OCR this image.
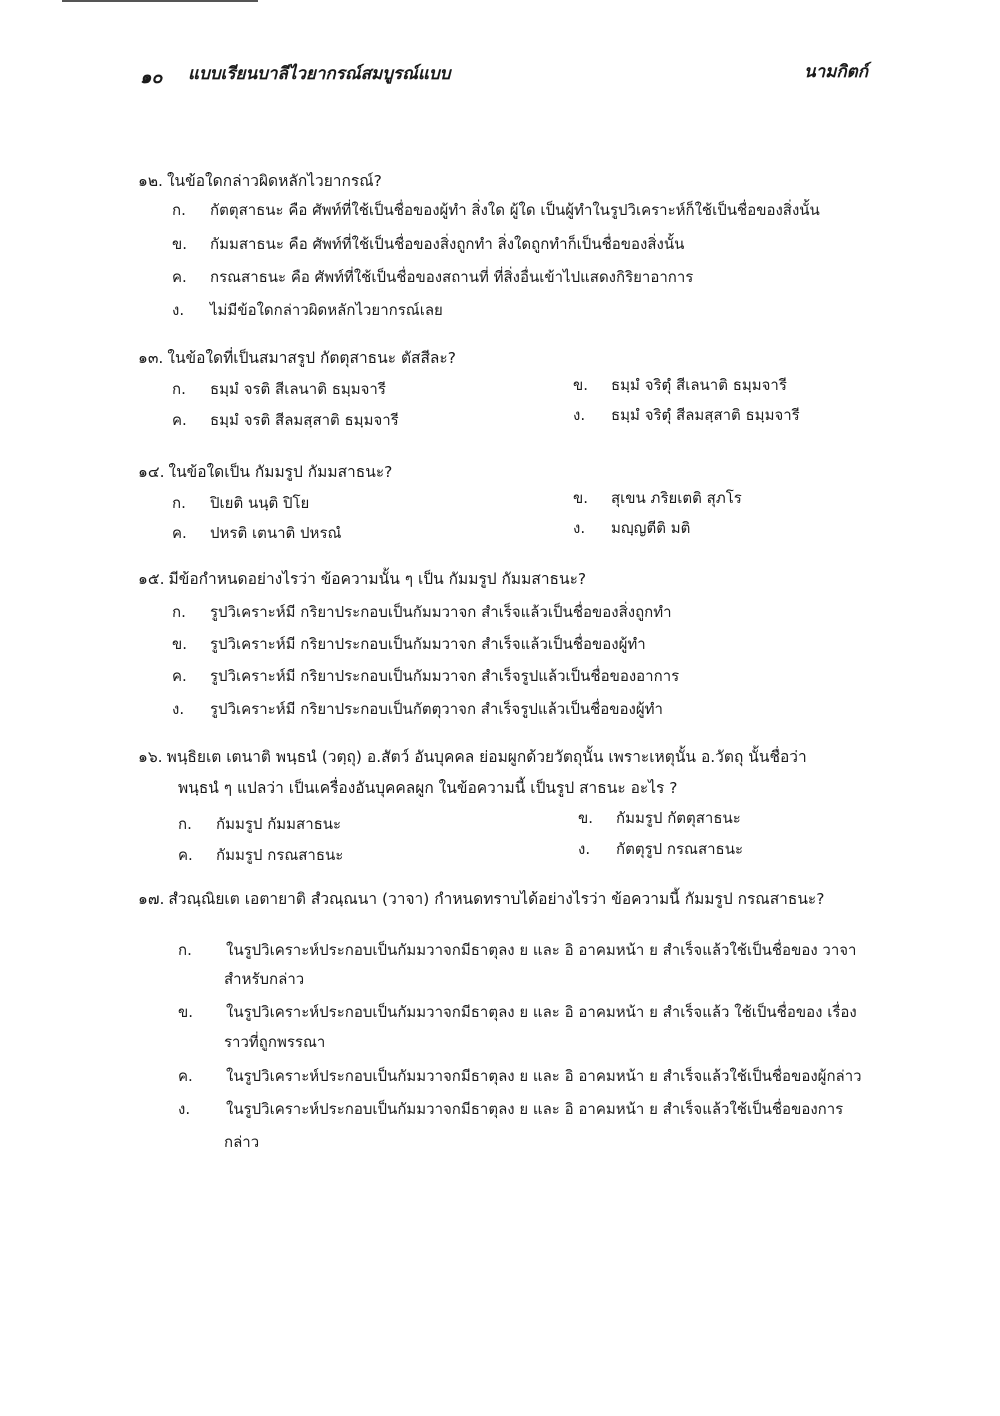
๑๐ แบบเรียนบาลีไวยากรณ์สมบูรณ์แบบ	นามกิตก์
๑๒. ในข้อใดกล่าวผิดหลักไวยากรณ์?
ก. กัตตุสาธนะ คือ ศัพท์ที่ใช้เป็นชื่อของผู้ทำ สิ่งใด ผู้ใด เป็นผู้ทำในรูปวิเคราะห์ก็ใช้เป็นชื่อของสิ่งนั้น
ข. กัมมสาธนะ คือ ศัพท์ที่ใช้เป็นชื่อของสิ่งถูกทำ สิ่งใดถูกทำก็เป็นชื่อของสิ่งนั้น
ค. กรณสาธนะ คือ ศัพท์ที่ใช้เป็นชื่อของสถานที่ ที่สิ่งอื่นเข้าไปแสดงกิริยาอาการ
ง. ไม่มีข้อใดกล่าวผิดหลักไวยากรณ์เลย
๑๓. ในข้อใดที่เป็นสมาสรูป กัตตุสาธนะ ตัสสีละ?
ก. ธมฺมํ จรติ สีเลนาติ ธมฺมจารี	ข. ธมฺมํ จริตุํ สีเลนาติ ธมฺมจารี
ค. ธมฺมํ จรติ สีลมสฺสาติ ธมฺมจารี	ง. ธมฺมํ จริตุํ สีลมสฺสาติ ธมฺมจารี
๑๔. ในข้อใดเป็น กัมมรูป กัมมสาธนะ?
ก. ปิเยติ นนฺติ ปิโย	ข. สุเขน ภริยเตติ สุภโร
ค. ปหรติ เตนาติ ปหรณํ	ง. มญฺญตีติ มติ
๑๕. มีข้อกำหนดอย่างไรว่า ข้อความนั้น ๆ เป็น กัมมรูป กัมมสาธนะ?
ก. รูปวิเคราะห์มี กริยาประกอบเป็นกัมมวาจก สำเร็จแล้วเป็นชื่อของสิ่งถูกทำ
ข. รูปวิเคราะห์มี กริยาประกอบเป็นกัมมวาจก สำเร็จแล้วเป็นชื่อของผู้ทำ
ค. รูปวิเคราะห์มี กริยาประกอบเป็นกัมมวาจก สำเร็จรูปแล้วเป็นชื่อของอาการ
ง. รูปวิเคราะห์มี กริยาประกอบเป็นกัตตุวาจก สำเร็จรูปแล้วเป็นชื่อของผู้ทำ
๑๖. พนฺธิยเต เตนาติ พนฺธนํ (วตฺถุ) อ.สัตว์ อันบุคคล ย่อมผูกด้วยวัตถุนั้น เพราะเหตุนั้น อ.วัตถุ นั้นชื่อว่า
พนฺธนํ ๆ แปลว่า เป็นเครื่องอันบุคคลผูก ในข้อความนี้ เป็นรูป สาธนะ อะไร ?
ก. กัมมรูป กัมมสาธนะ	ข. กัมมรูป กัตตุสาธนะ
ค. กัมมรูป กรณสาธนะ	ง. กัตตุรูป กรณสาธนะ
๑๗. สํวณฺณิยเต เอตายาติ สํวณฺณนา (วาจา) กำหนดทราบได้อย่างไรว่า ข้อความนี้ กัมมรูป กรณสาธนะ?
ก. ในรูปวิเคราะห์ประกอบเป็นกัมมวาจกมีธาตุลง ย และ อิ อาคมหน้า ย สำเร็จแล้วใช้เป็นชื่อของ วาจา
สำหรับกล่าว
ข. ในรูปวิเคราะห์ประกอบเป็นกัมมวาจกมีธาตุลง ย และ อิ อาคมหน้า ย สำเร็จแล้ว ใช้เป็นชื่อของ เรื่อง
ราวที่ถูกพรรณา
ค. ในรูปวิเคราะห์ประกอบเป็นกัมมวาจกมีธาตุลง ย และ อิ อาคมหน้า ย สำเร็จแล้วใช้เป็นชื่อของผู้กล่าว
ง. ในรูปวิเคราะห์ประกอบเป็นกัมมวาจกมีธาตุลง ย และ อิ อาคมหน้า ย สำเร็จแล้วใช้เป็นชื่อของการ
กล่าว
